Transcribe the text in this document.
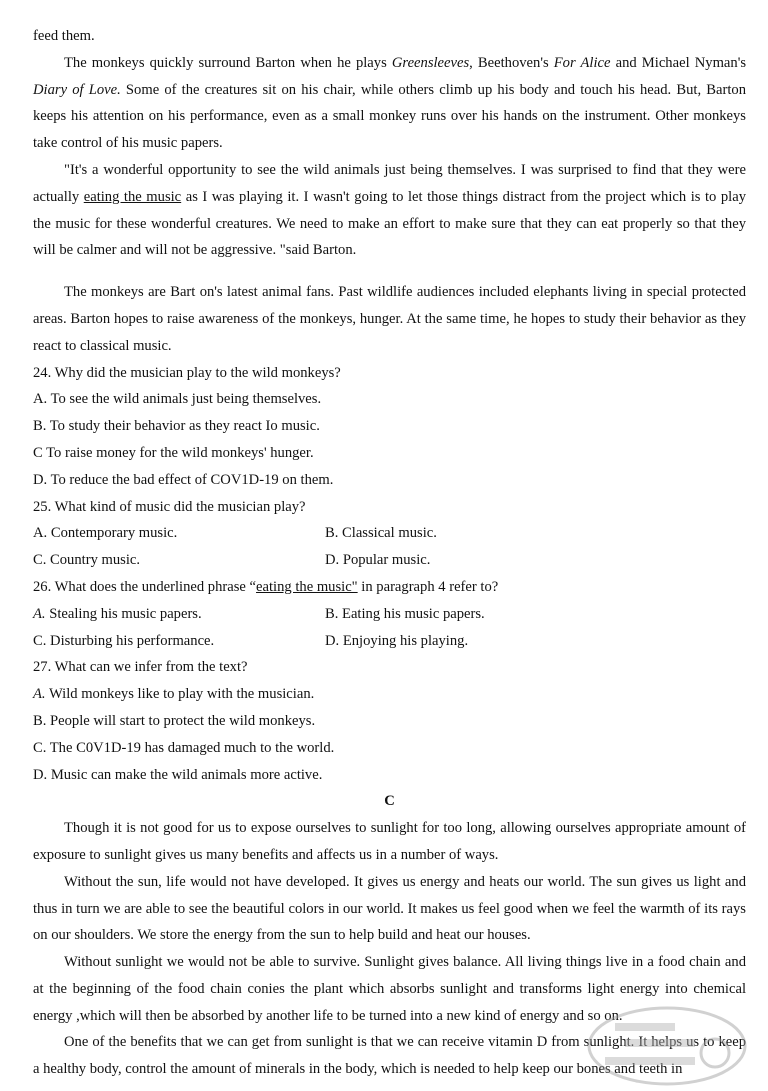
feed them.

The monkeys quickly surround Barton when he plays Greensleeves, Beethoven's For Alice and Michael Nyman's Diary of Love. Some of the creatures sit on his chair, while others climb up his body and touch his head. But, Barton keeps his attention on his performance, even as a small monkey runs over his hands on the instrument. Other monkeys take control of his music papers.

"It's a wonderful opportunity to see the wild animals just being themselves. I was surprised to find that they were actually eating the music as I was playing it. I wasn't going to let those things distract from the project which is to play the music for these wonderful creatures. We need to make an effort to make sure that they can eat properly so that they will be calmer and will not be aggressive. "said Barton.

The monkeys are Bart on's latest animal fans. Past wildlife audiences included elephants living in special protected areas. Barton hopes to raise awareness of the monkeys, hunger. At the same time, he hopes to study their behavior as they react to classical music.

24. Why did the musician play to the wild monkeys?

A. To see the wild animals just being themselves.

B. To study their behavior as they react Io music.

C To raise money for the wild monkeys' hunger.

D. To reduce the bad effect of COV1D-19 on them.

25. What kind of music did the musician play?

A. Contemporary music.	B. Classical music.
C. Country music.	D. Popular music.

26. What does the underlined phrase “eating the music" in paragraph 4 refer to?

A. Stealing his music papers.	B. Eating his music papers.
C. Disturbing his performance.	D. Enjoying his playing.

27. What can we infer from the text?

A. Wild monkeys like to play with the musician.

B. People will start to protect the wild monkeys.

C. The C0V1D-19 has damaged much to the world.

D. Music can make the wild animals more active.

C

Though it is not good for us to expose ourselves to sunlight for too long, allowing ourselves appropriate amount of exposure to sunlight gives us many benefits and affects us in a number of ways.

Without the sun, life would not have developed. It gives us energy and heats our world. The sun gives us light and thus in turn we are able to see the beautiful colors in our world. It makes us feel good when we feel the warmth of its rays on our shoulders. We store the energy from the sun to help build and heat our houses.

Without sunlight we would not be able to survive. Sunlight gives balance. All living things live in a food chain and at the beginning of the food chain conies the plant which absorbs sunlight and transforms light energy into chemical energy ,which will then be absorbed by another life to be turned into a new kind of energy and so on.

One of the benefits that we can get from sunlight is that we can receive vitamin D from sunlight. It helps us to keep a healthy body, control the amount of minerals in the body, which is needed to help keep our bones and teeth in
